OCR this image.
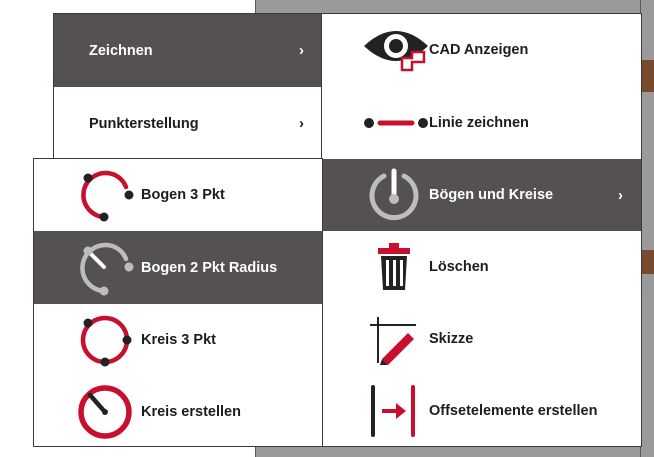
Zeichnen	›
Punkterstellung	›
CAD Anzeigen
Linie zeichnen
Bögen und Kreise	›
Löschen
Skizze
Offsetelemente erstellen
Bogen 3 Pkt
Bogen 2 Pkt Radius
Kreis 3 Pkt
Kreis erstellen
